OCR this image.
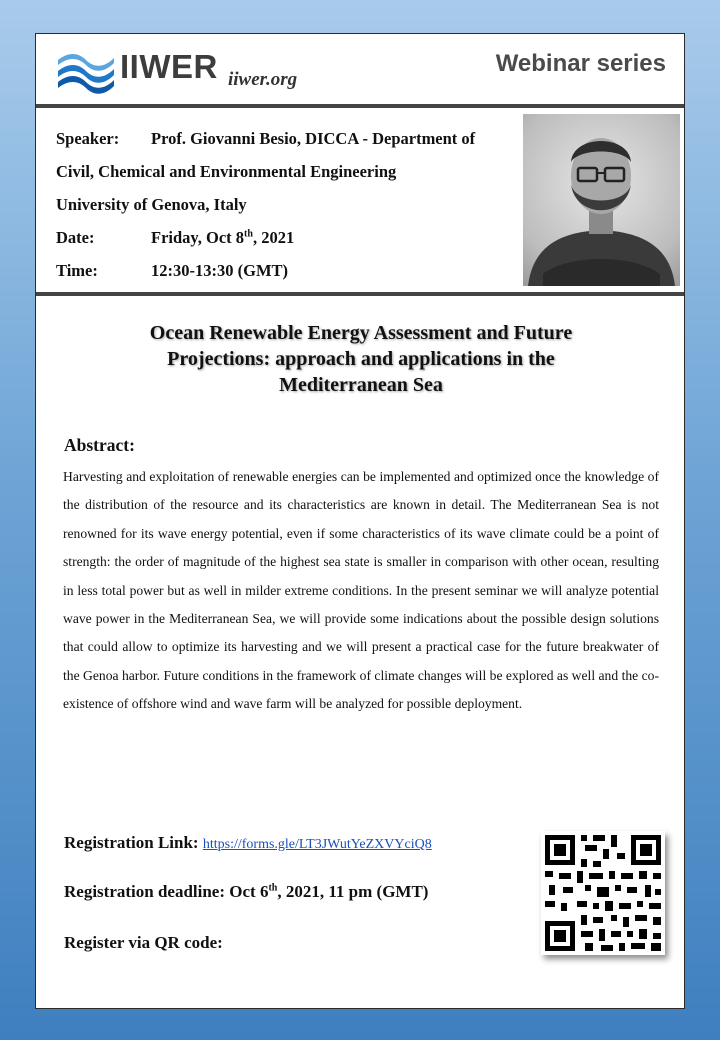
IIWER iiwer.org
Webinar series
Speaker: Prof. Giovanni Besio, DICCA - Department of
Civil, Chemical and Environmental Engineering
University of Genova, Italy
Date:	Friday, Oct 8th, 2021
Time:	12:30-13:30 (GMT)
Ocean Renewable Energy Assessment and Future
Projections: approach and applications in the
Mediterranean Sea
Abstract:
Harvesting and exploitation of renewable energies can be implemented and optimized once the knowledge of the distribution of the resource and its characteristics are known in detail. The Mediterranean Sea is not renowned for its wave energy potential, even if some characteristics of its wave climate could be a point of strength: the order of magnitude of the highest sea state is smaller in comparison with other ocean, resulting in less total power but as well in milder extreme conditions. In the present seminar we will analyze potential wave power in the Mediterranean Sea, we will provide some indications about the possible design solutions that could allow to optimize its harvesting and we will present a practical case for the future breakwater of the Genoa harbor. Future conditions in the framework of climate changes will be explored as well and the co-existence of offshore wind and wave farm will be analyzed for possible deployment.
Registration Link: https://forms.gle/LT3JWutYeZXVYciQ8
Registration deadline: Oct 6th, 2021, 11 pm (GMT)
Register via QR code:
